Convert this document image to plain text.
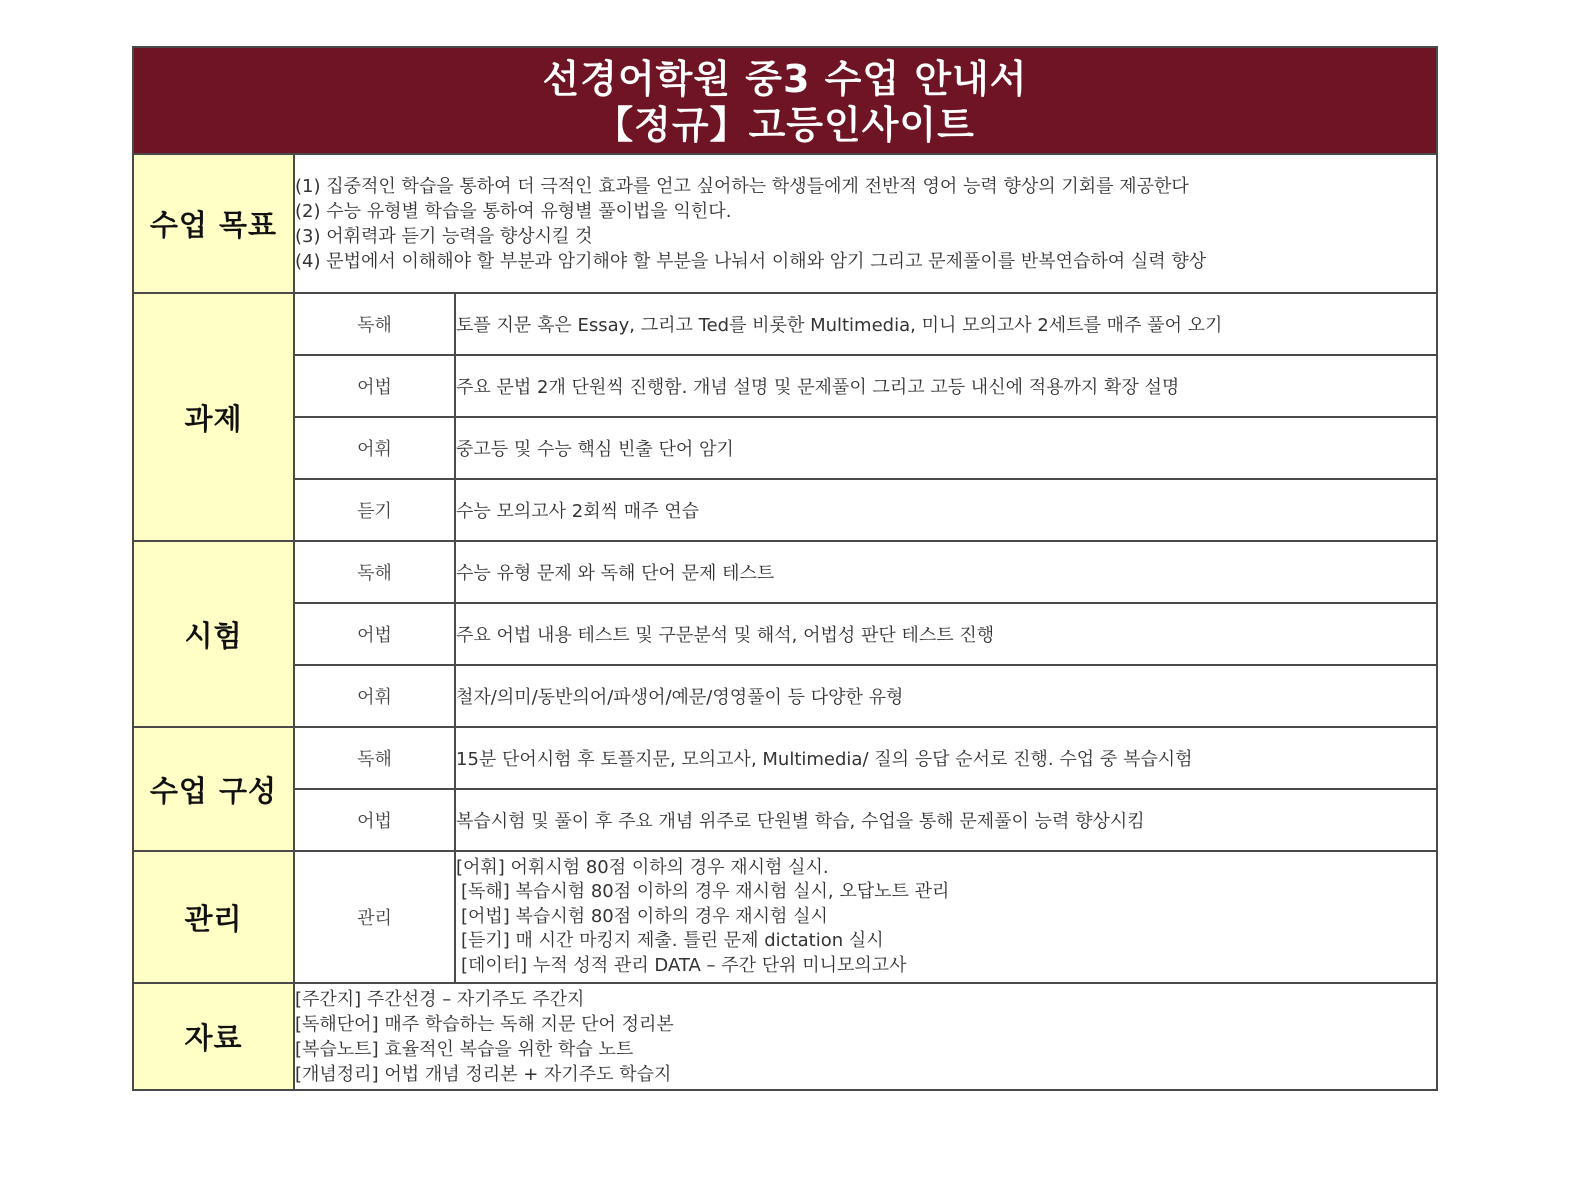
선경어학원 중3 수업 안내서
【정규】고등인사이트
수업 목표	(1) 집중적인 학습을 통하여 더 극적인 효과를 얻고 싶어하는 학생들에게 전반적 영어 능력 향상의 기회를 제공한다
(2) 수능 유형별 학습을 통하여 유형별 풀이법을 익힌다.
(3) 어휘력과 듣기 능력을 향상시킬 것
(4) 문법에서 이해해야 할 부분과 암기해야 할 부분을 나눠서 이해와 암기 그리고 문제풀이를 반복연습하여 실력 향상	

과제	독해	토플 지문 혹은 Essay, 그리고 Ted를 비롯한 Multimedia, 미니 모의고사 2세트를 매주 풀어 오기
	어법	주요 문법 2개 단원씩 진행함. 개념 설명 및 문제풀이 그리고 고등 내신에 적용까지 확장 설명
	어휘	중고등 및 수능 핵심 빈출 단어 암기
	듣기	수능 모의고사 2회씩 매주 연습
시험	독해	수능 유형 문제 와 독해 단어 문제 테스트
	어법	주요 어법 내용 테스트 및 구문분석 및 해석, 어법성 판단 테스트 진행
	어휘	철자/의미/동반의어/파생어/예문/영영풀이 등 다양한 유형
수업 구성	독해	15분 단어시험 후 토플지문, 모의고사, Multimedia/ 질의 응답 순서로 진행. 수업 중 복습시험
	어법	복습시험 및 풀이 후 주요 개념 위주로 단원별 학습, 수업을 통해 문제풀이 능력 향상시킴
관리	관리	[어휘] 어휘시험 80점 이하의 경우 재시험 실시.
[독해] 복습시험 80점 이하의 경우 재시험 실시, 오답노트 관리
[어법] 복습시험 80점 이하의 경우 재시험 실시
[듣기] 매 시간 마킹지 제출. 틀린 문제 dictation 실시
[데이터] 누적 성적 관리 DATA – 주간 단위 미니모의고사

자료	[주간지] 주간선경 – 자기주도 주간지
[독해단어] 매주 학습하는 독해 지문 단어 정리본
[복습노트] 효율적인 복습을 위한 학습 노트
[개념정리] 어법 개념 정리본 + 자기주도 학습지	
